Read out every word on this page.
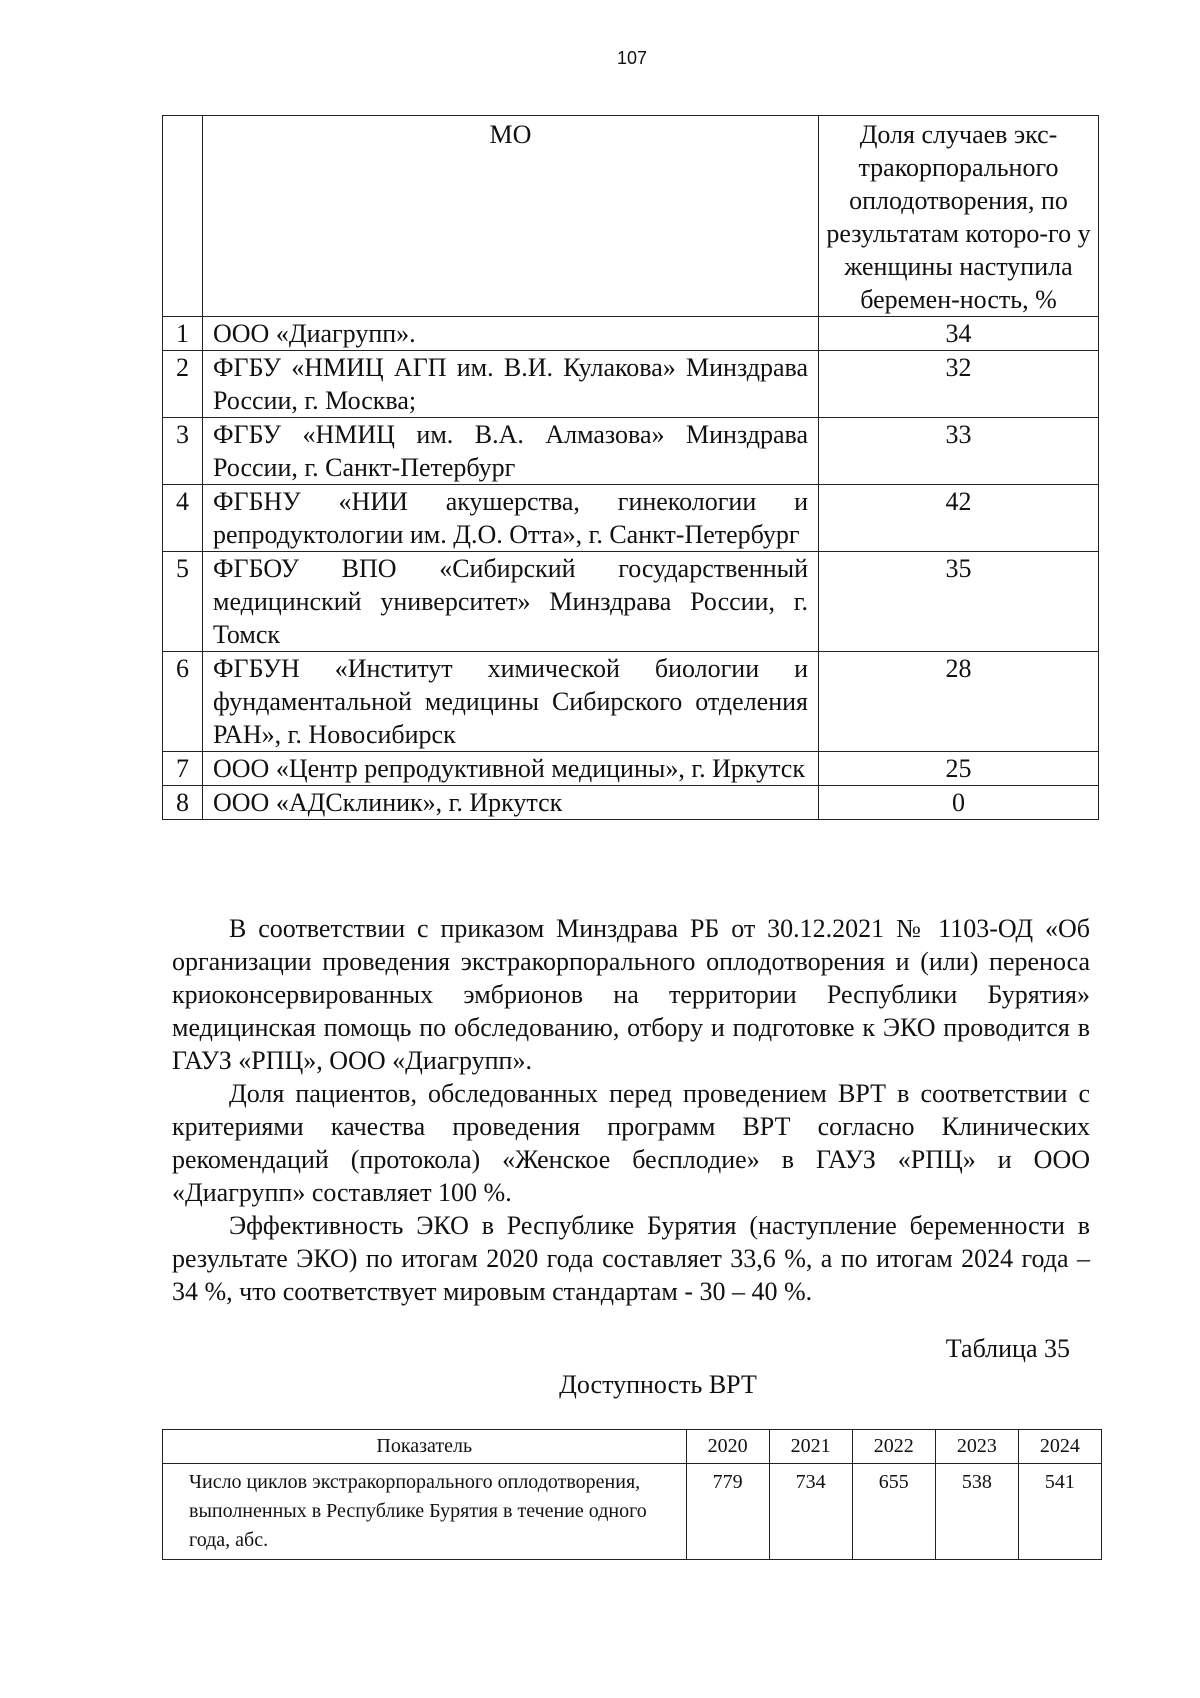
107
	МО	Доля случаев экс-тракорпорального оплодотворения, по результатам которо-го у женщины наступила беремен-ность, %
1	ООО «Диагрупп».	34
2	ФГБУ «НМИЦ АГП им. В.И. Кулакова» Минздрава России, г. Москва;	32
3	ФГБУ «НМИЦ им. В.А. Алмазова» Минздрава России, г. Санкт-Петербург	33
4	ФГБНУ «НИИ акушерства, гинекологии и репродуктологии им. Д.О. Отта», г. Санкт-Петербург	42
5	ФГБОУ ВПО «Сибирский государственный медицинский университет» Минздрава России, г. Томск	35
6	ФГБУН «Институт химической биологии и фундаментальной медицины Сибирского отделения РАН», г. Новосибирск	28
7	ООО «Центр репродуктивной медицины», г. Иркутск	25
8	ООО «АДСклиник», г. Иркутск	0

В соответствии с приказом Минздрава РБ от 30.12.2021 № 1103-ОД «Об организации проведения экстракорпорального оплодотворения и (или) переноса криоконсервированных эмбрионов на территории Республики Бурятия» медицинская помощь по обследованию, отбору и подготовке к ЭКО проводится в ГАУЗ «РПЦ», ООО «Диагрупп».

Доля пациентов, обследованных перед проведением ВРТ в соответствии с критериями качества проведения программ ВРТ согласно Клинических рекомендаций (протокола) «Женское бесплодие» в ГАУЗ «РПЦ» и ООО «Диагрупп» составляет 100 %.

Эффективность ЭКО в Республике Бурятия (наступление беременности в результате ЭКО) по итогам 2020 года составляет 33,6 %, а по итогам 2024 года – 34 %, что соответствует мировым стандартам - 30 – 40 %.

Таблица 35
Доступность ВРТ
Показатель	2020	2021	2022	2023	2024
Число циклов экстракорпорального оплодотворения, выполненных в Республике Бурятия в течение одного года, абс.	779	734	655	538	541
